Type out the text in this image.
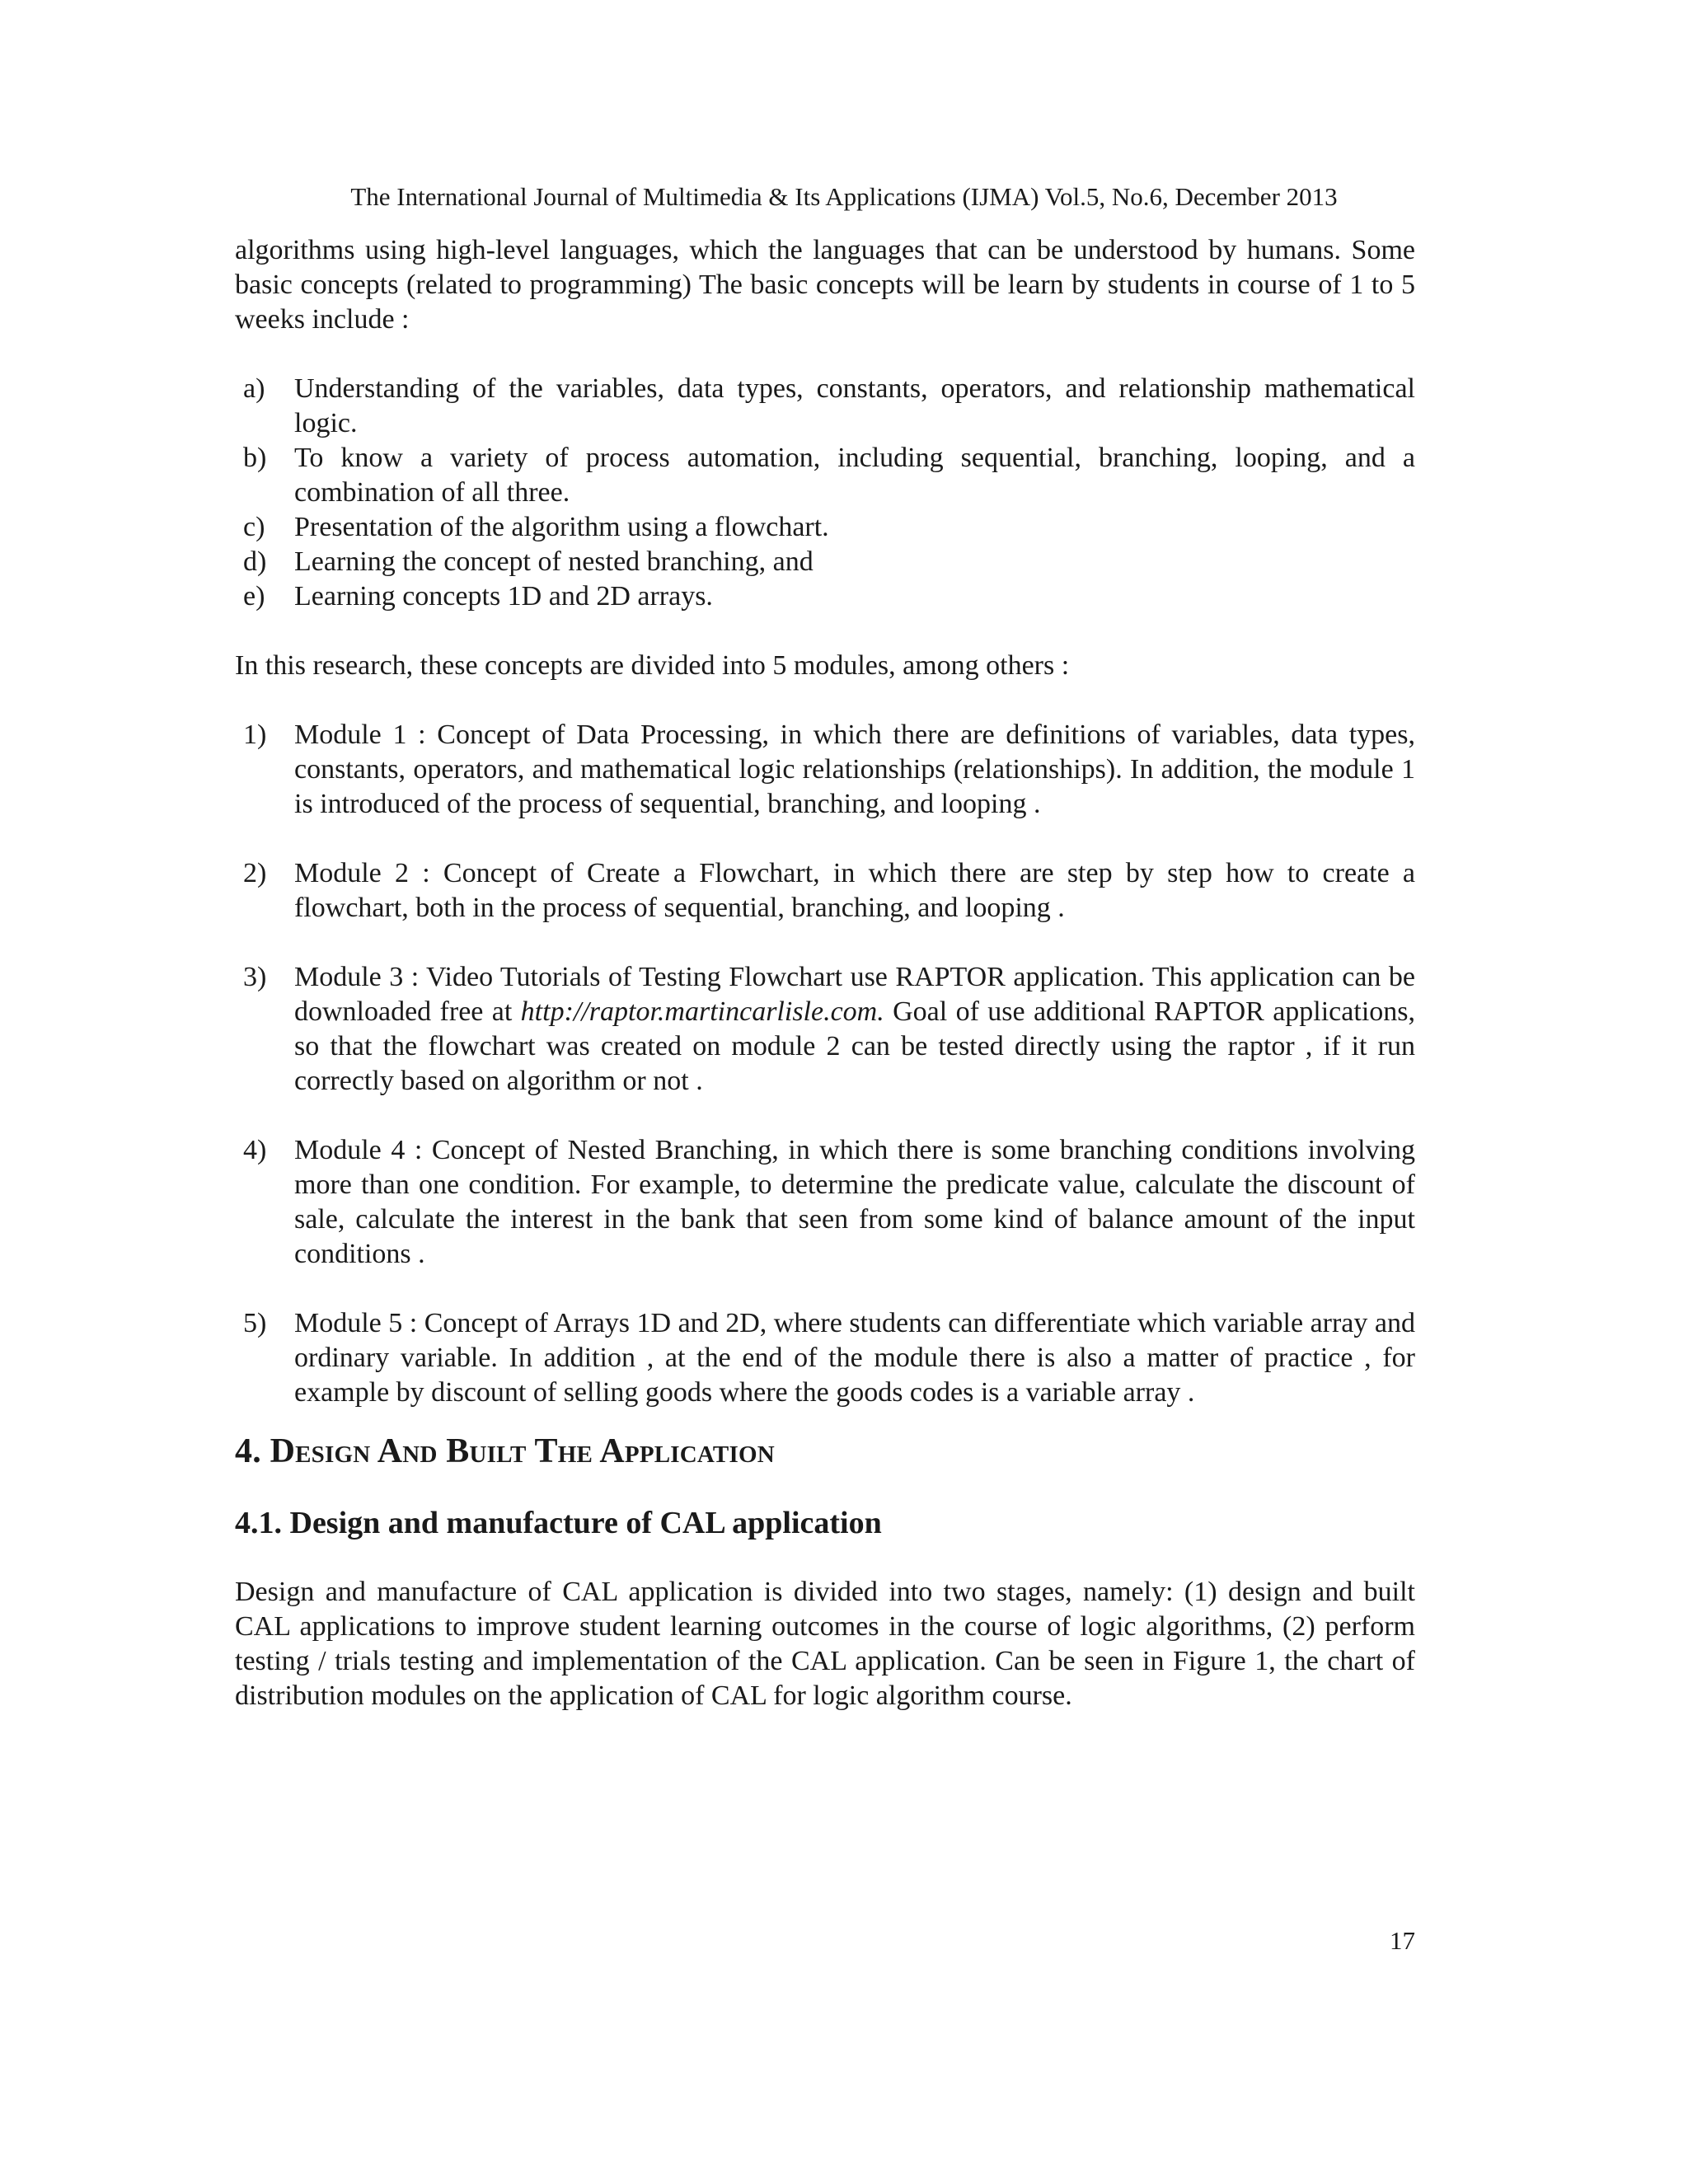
The International Journal of Multimedia & Its Applications (IJMA) Vol.5, No.6, December 2013

algorithms using high-level languages, which the languages that can be understood by humans. Some basic concepts (related to programming) The basic concepts will be learn by students in course of 1 to 5 weeks include :

a)	Understanding of the variables, data types, constants, operators, and relationship mathematical logic.
b) To know a variety of process automation, including sequential, branching, looping, and a combination of all three.
c)	Presentation of the algorithm using a flowchart.
d) Learning the concept of nested branching, and
e)	Learning concepts 1D and 2D arrays.

In this research, these concepts are divided into 5 modules, among others :

1) Module 1 : Concept of Data Processing, in which there are definitions of variables, data types, constants, operators, and mathematical logic relationships (relationships). In addition, the module 1 is introduced of the process of sequential, branching, and looping .
2) Module 2 : Concept of Create a Flowchart, in which there are step by step how to create a flowchart, both in the process of sequential, branching, and looping .
3) Module 3 : Video Tutorials of Testing Flowchart use RAPTOR application. This application can be downloaded free at http://raptor.martincarlisle.com. Goal of use additional RAPTOR applications, so that the flowchart was created on module 2 can be tested directly using the raptor , if it run correctly based on algorithm or not .
4) Module 4 : Concept of Nested Branching, in which there is some branching conditions involving more than one condition. For example, to determine the predicate value, calculate the discount of sale, calculate the interest in the bank that seen from some kind of balance amount of the input conditions .
5) Module 5 : Concept of Arrays 1D and 2D, where students can differentiate which variable array and ordinary variable. In addition , at the end of the module there is also a matter of practice , for example by discount of selling goods where the goods codes is a variable array .
4. Design And Built The Application
4.1. Design and manufacture of CAL application

Design and manufacture of CAL application is divided into two stages, namely: (1) design and built CAL applications to improve student learning outcomes in the course of logic algorithms, (2) perform testing / trials testing and implementation of the CAL application. Can be seen in Figure 1, the chart of distribution modules on the application of CAL for logic algorithm course.

17
